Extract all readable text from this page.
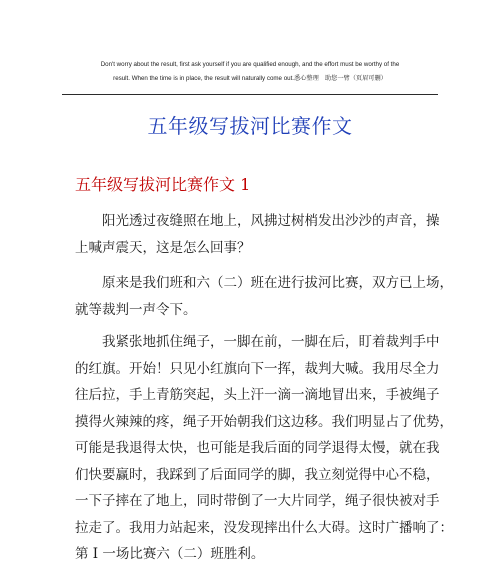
Don't worry about the result, first ask yourself if you are qualified enough, and the effort must be worthy of the
result. When the time is in place, the result will naturally come out.悉心整理　助您一臂（页眉可删）
五年级写拔河比赛作文
五年级写拔河比赛作文 1
　　阳光透过夜缝照在地上，风拂过树梢发出沙沙的声音，操
上喊声震天，这是怎么回事？
　　原来是我们班和六（二）班在进行拔河比赛，双方已上场，
就等裁判一声令下。
　　我紧张地抓住绳子，一脚在前，一脚在后，盯着裁判手中
的红旗。开始！只见小红旗向下一挥，裁判大喊。我用尽全力
往后拉，手上青筋突起，头上汗一滴一滴地冒出来，手被绳子
摸得火辣辣的疼，绳子开始朝我们这边移。我们明显占了优势，
可能是我退得太快，也可能是我后面的同学退得太慢，就在我
们快要赢时，我踩到了后面同学的脚，我立刻觉得中心不稳，
一下子摔在了地上，同时带倒了一大片同学，绳子很快被对手
拉走了。我用力站起来，没发现摔出什么大碍。这时广播响了：
第 I 一场比赛六（二）班胜利。
